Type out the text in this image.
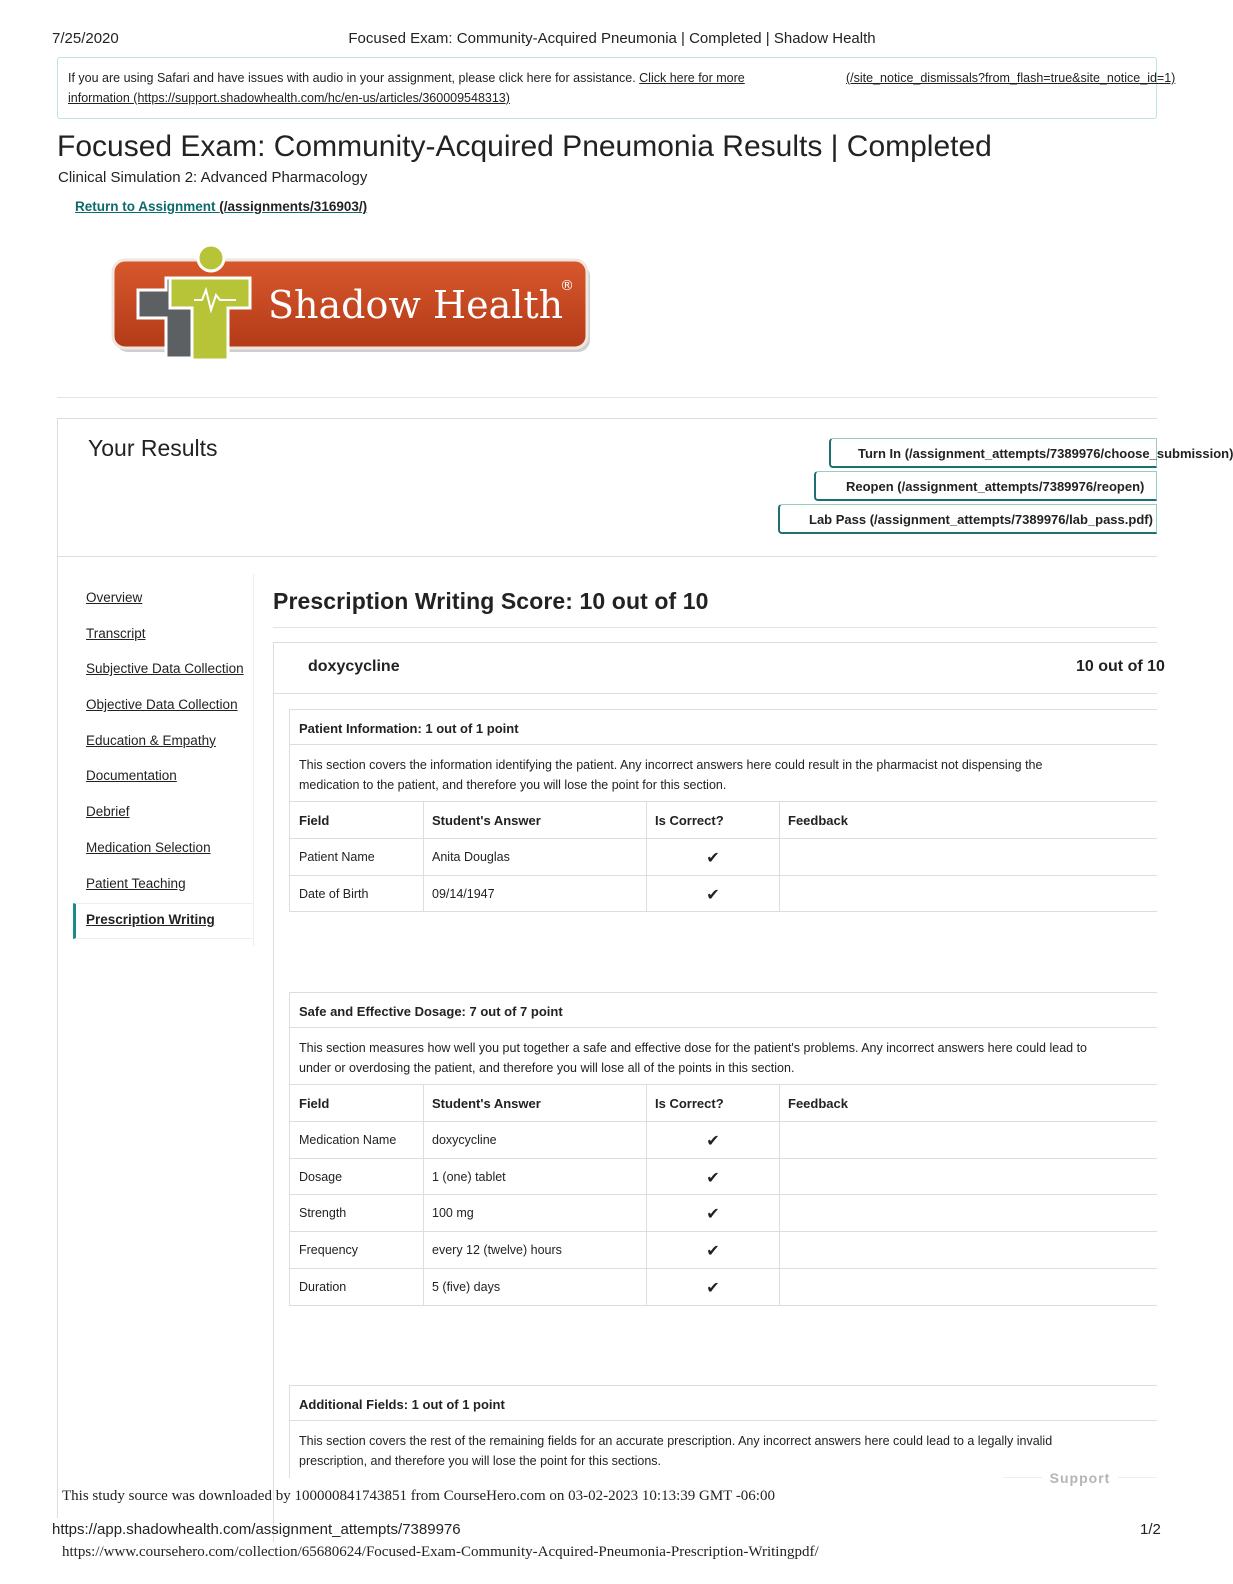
7/25/2020	Focused Exam: Community-Acquired Pneumonia | Completed | Shadow Health
If you are using Safari and have issues with audio in your assignment, please click here for assistance. Click here for more	(/site_notice_dismissals?from_flash=true&site_notice_id=1)
information (https://support.shadowhealth.com/hc/en-us/articles/360009548313)
Focused Exam: Community-Acquired Pneumonia Results | Completed
Clinical Simulation 2: Advanced Pharmacology
Return to Assignment (/assignments/316903/)
Shadow Health
®
Your Results	Turn In (/assignment_attempts/7389976/choose_submission)
Reopen (/assignment_attempts/7389976/reopen)
Lab Pass (/assignment_attempts/7389976/lab_pass.pdf)
Overview
Transcript
Subjective Data Collection
Objective Data Collection
Education & Empathy
Documentation
Debrief
Medication Selection
Patient Teaching
Prescription Writing
Prescription Writing Score: 10 out of 10
doxycycline	10 out of 10
Patient Information: 1 out of 1 point
This section covers the information identifying the patient. Any incorrect answers here could result in the pharmacist not dispensing the
medication to the patient, and therefore you will lose the point for this section.
Field	Student's Answer	Is Correct?	Feedback
Patient Name	Anita Douglas	✔
Date of Birth	09/14/1947	✔
Safe and Effective Dosage: 7 out of 7 point
This section measures how well you put together a safe and effective dose for the patient's problems. Any incorrect answers here could lead to
under or overdosing the patient, and therefore you will lose all of the points in this section.
Field	Student's Answer	Is Correct?	Feedback
Medication Name	doxycycline	✔
Dosage	1 (one) tablet	✔
Strength	100 mg	✔
Frequency	every 12 (twelve) hours	✔
Duration	5 (five) days	✔
Additional Fields: 1 out of 1 point
This section covers the rest of the remaining fields for an accurate prescription. Any incorrect answers here could lead to a legally invalid
prescription, and therefore you will lose the point for this sections.
Support
This study source was downloaded by 100000841743851 from CourseHero.com on 03-02-2023 10:13:39 GMT -06:00
https://app.shadowhealth.com/assignment_attempts/7389976	1/2
https://www.coursehero.com/collection/65680624/Focused-Exam-Community-Acquired-Pneumonia-Prescription-Writingpdf/
